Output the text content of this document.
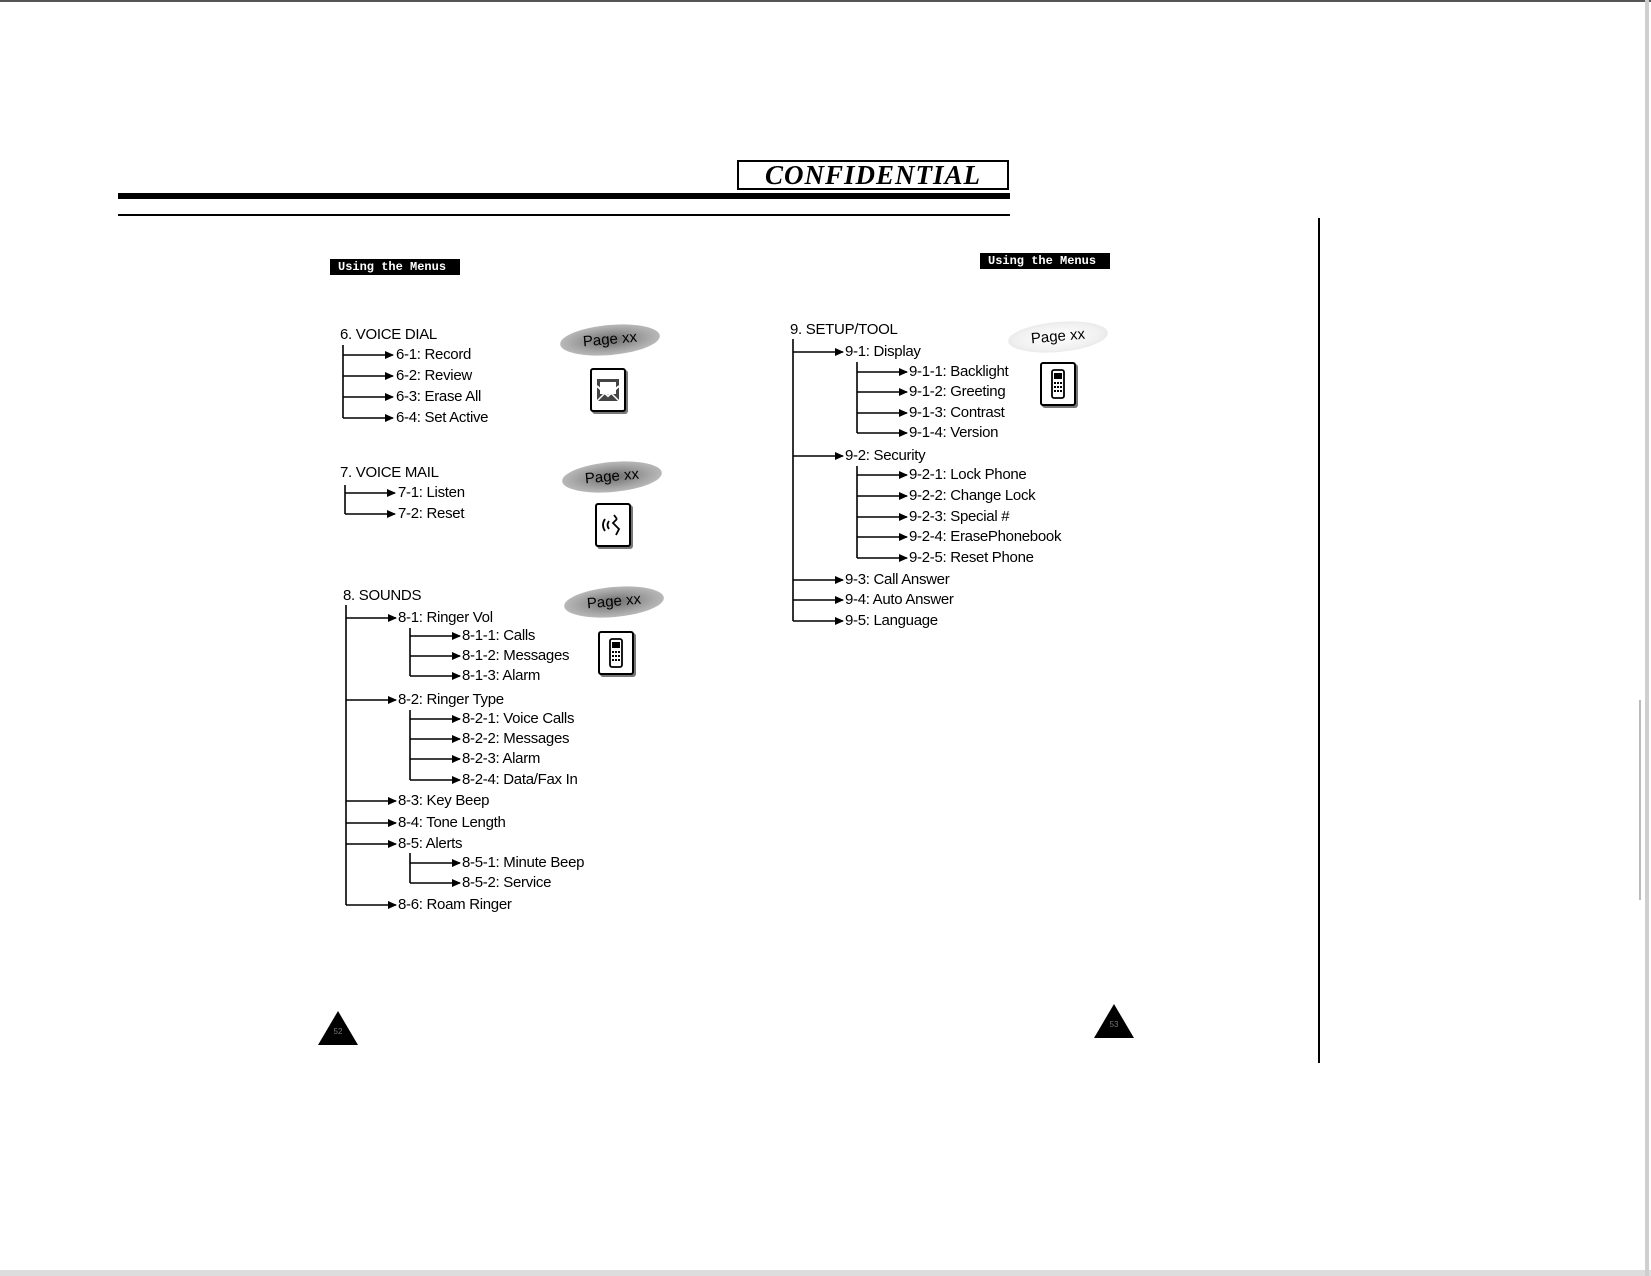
CONFIDENTIAL
Using the Menus	Using the Menus
6. VOICE DIAL
6-1: Record
6-2: Review
6-3: Erase All
6-4: Set Active
7. VOICE MAIL
7-1: Listen
7-2: Reset
8. SOUNDS
8-1: Ringer Vol
8-1-1: Calls
8-1-2: Messages
8-1-3: Alarm
8-2: Ringer Type
8-2-1: Voice Calls
8-2-2: Messages
8-2-3: Alarm
8-2-4: Data/Fax In
8-3: Key Beep
8-4: Tone Length
8-5: Alerts
8-5-1: Minute Beep
8-5-2: Service
8-6: Roam Ringer
9. SETUP/TOOL
9-1: Display
9-1-1: Backlight
9-1-2: Greeting
9-1-3: Contrast
9-1-4: Version
9-2: Security
9-2-1: Lock Phone
9-2-2: Change Lock
9-2-3: Special #
9-2-4: ErasePhonebook
9-2-5: Reset Phone
9-3: Call Answer
9-4: Auto Answer
9-5: Language
Page xx
Page xx
Page xx
Page xx
52
53
